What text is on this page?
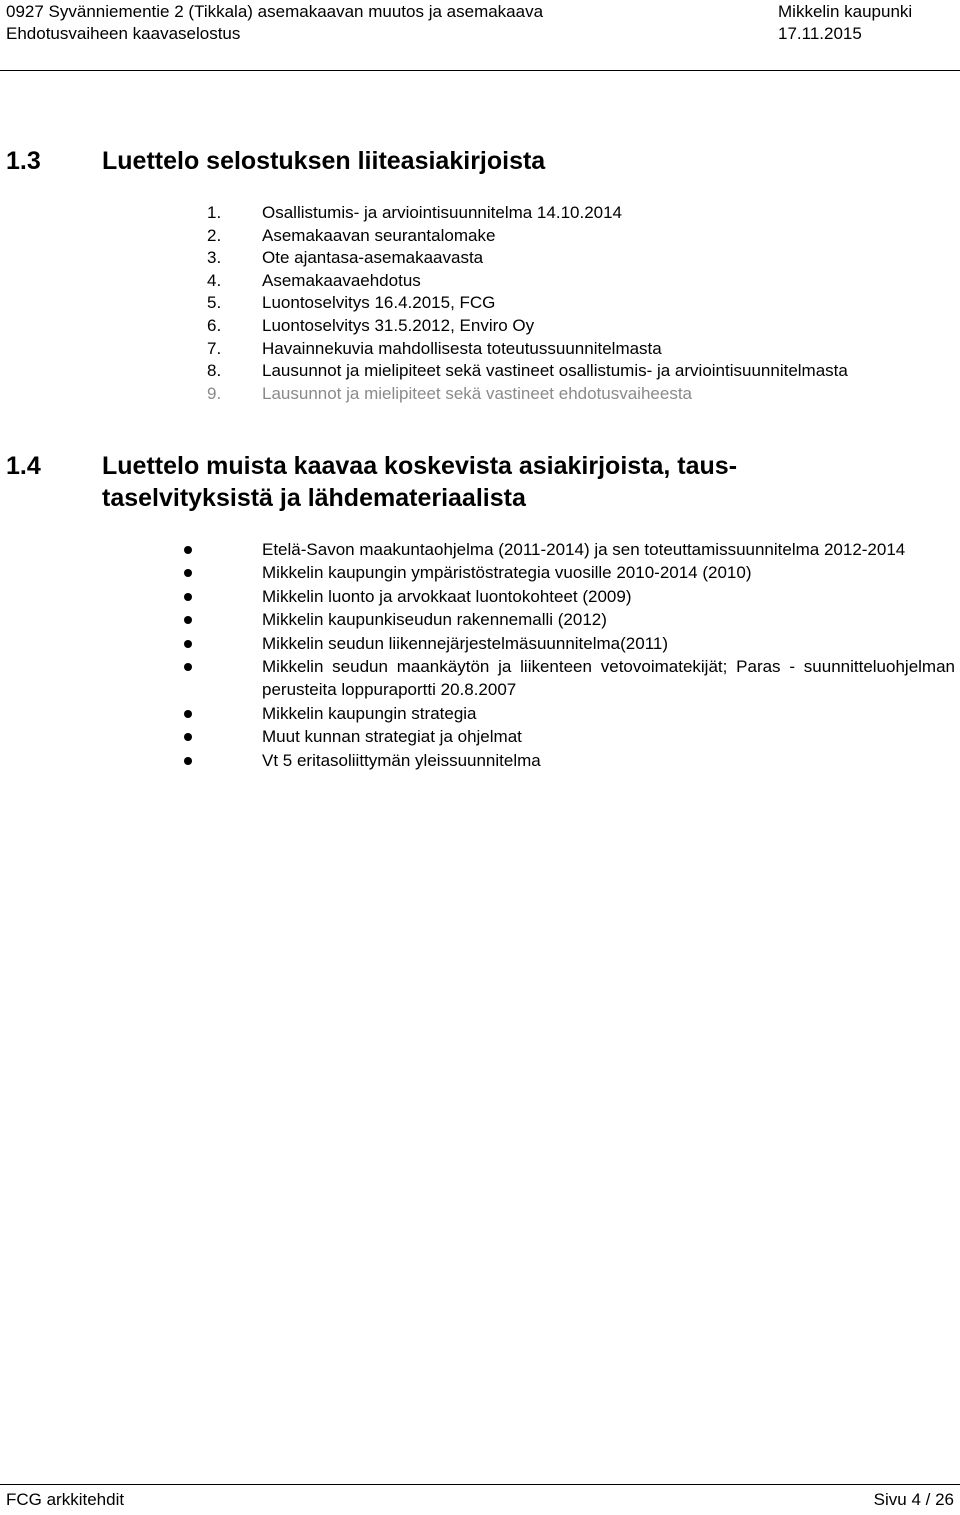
0927 Syvänniementie 2 (Tikkala) asemakaavan muutos ja asemakaava
Ehdotusvaiheen kaavaselostus
Mikkelin kaupunki
17.11.2015
1.3 Luettelo selostuksen liiteasiakirjoista
1. Osallistumis- ja arviointisuunnitelma 14.10.2014
2. Asemakaavan seurantalomake
3. Ote ajantasa-asemakaavasta
4. Asemakaavaehdotus
5. Luontoselvitys 16.4.2015, FCG
6. Luontoselvitys 31.5.2012, Enviro Oy
7. Havainnekuvia mahdollisesta toteutussuunnitelmasta
8. Lausunnot ja mielipiteet sekä vastineet osallistumis- ja arviointisuunnitelmasta
9. Lausunnot ja mielipiteet sekä vastineet ehdotusvaiheesta
1.4 Luettelo muista kaavaa koskevista asiakirjoista, taus-
taselvityksistä ja lähdemateriaalista
Etelä-Savon maakuntaohjelma (2011-2014) ja sen toteuttamissuunnitelma 2012-2014
Mikkelin kaupungin ympäristöstrategia vuosille 2010-2014 (2010)
Mikkelin luonto ja arvokkaat luontokohteet (2009)
Mikkelin kaupunkiseudun rakennemalli (2012)
Mikkelin seudun liikennejärjestelmäsuunnitelma(2011)
Mikkelin seudun maankäytön ja liikenteen vetovoimatekijät; Paras - suunnitteluohjelman perusteita loppuraportti 20.8.2007
Mikkelin kaupungin strategia
Muut kunnan strategiat ja ohjelmat
Vt 5 eritasoliittymän yleissuunnitelma
FCG arkkitehdit	Sivu 4 / 26
